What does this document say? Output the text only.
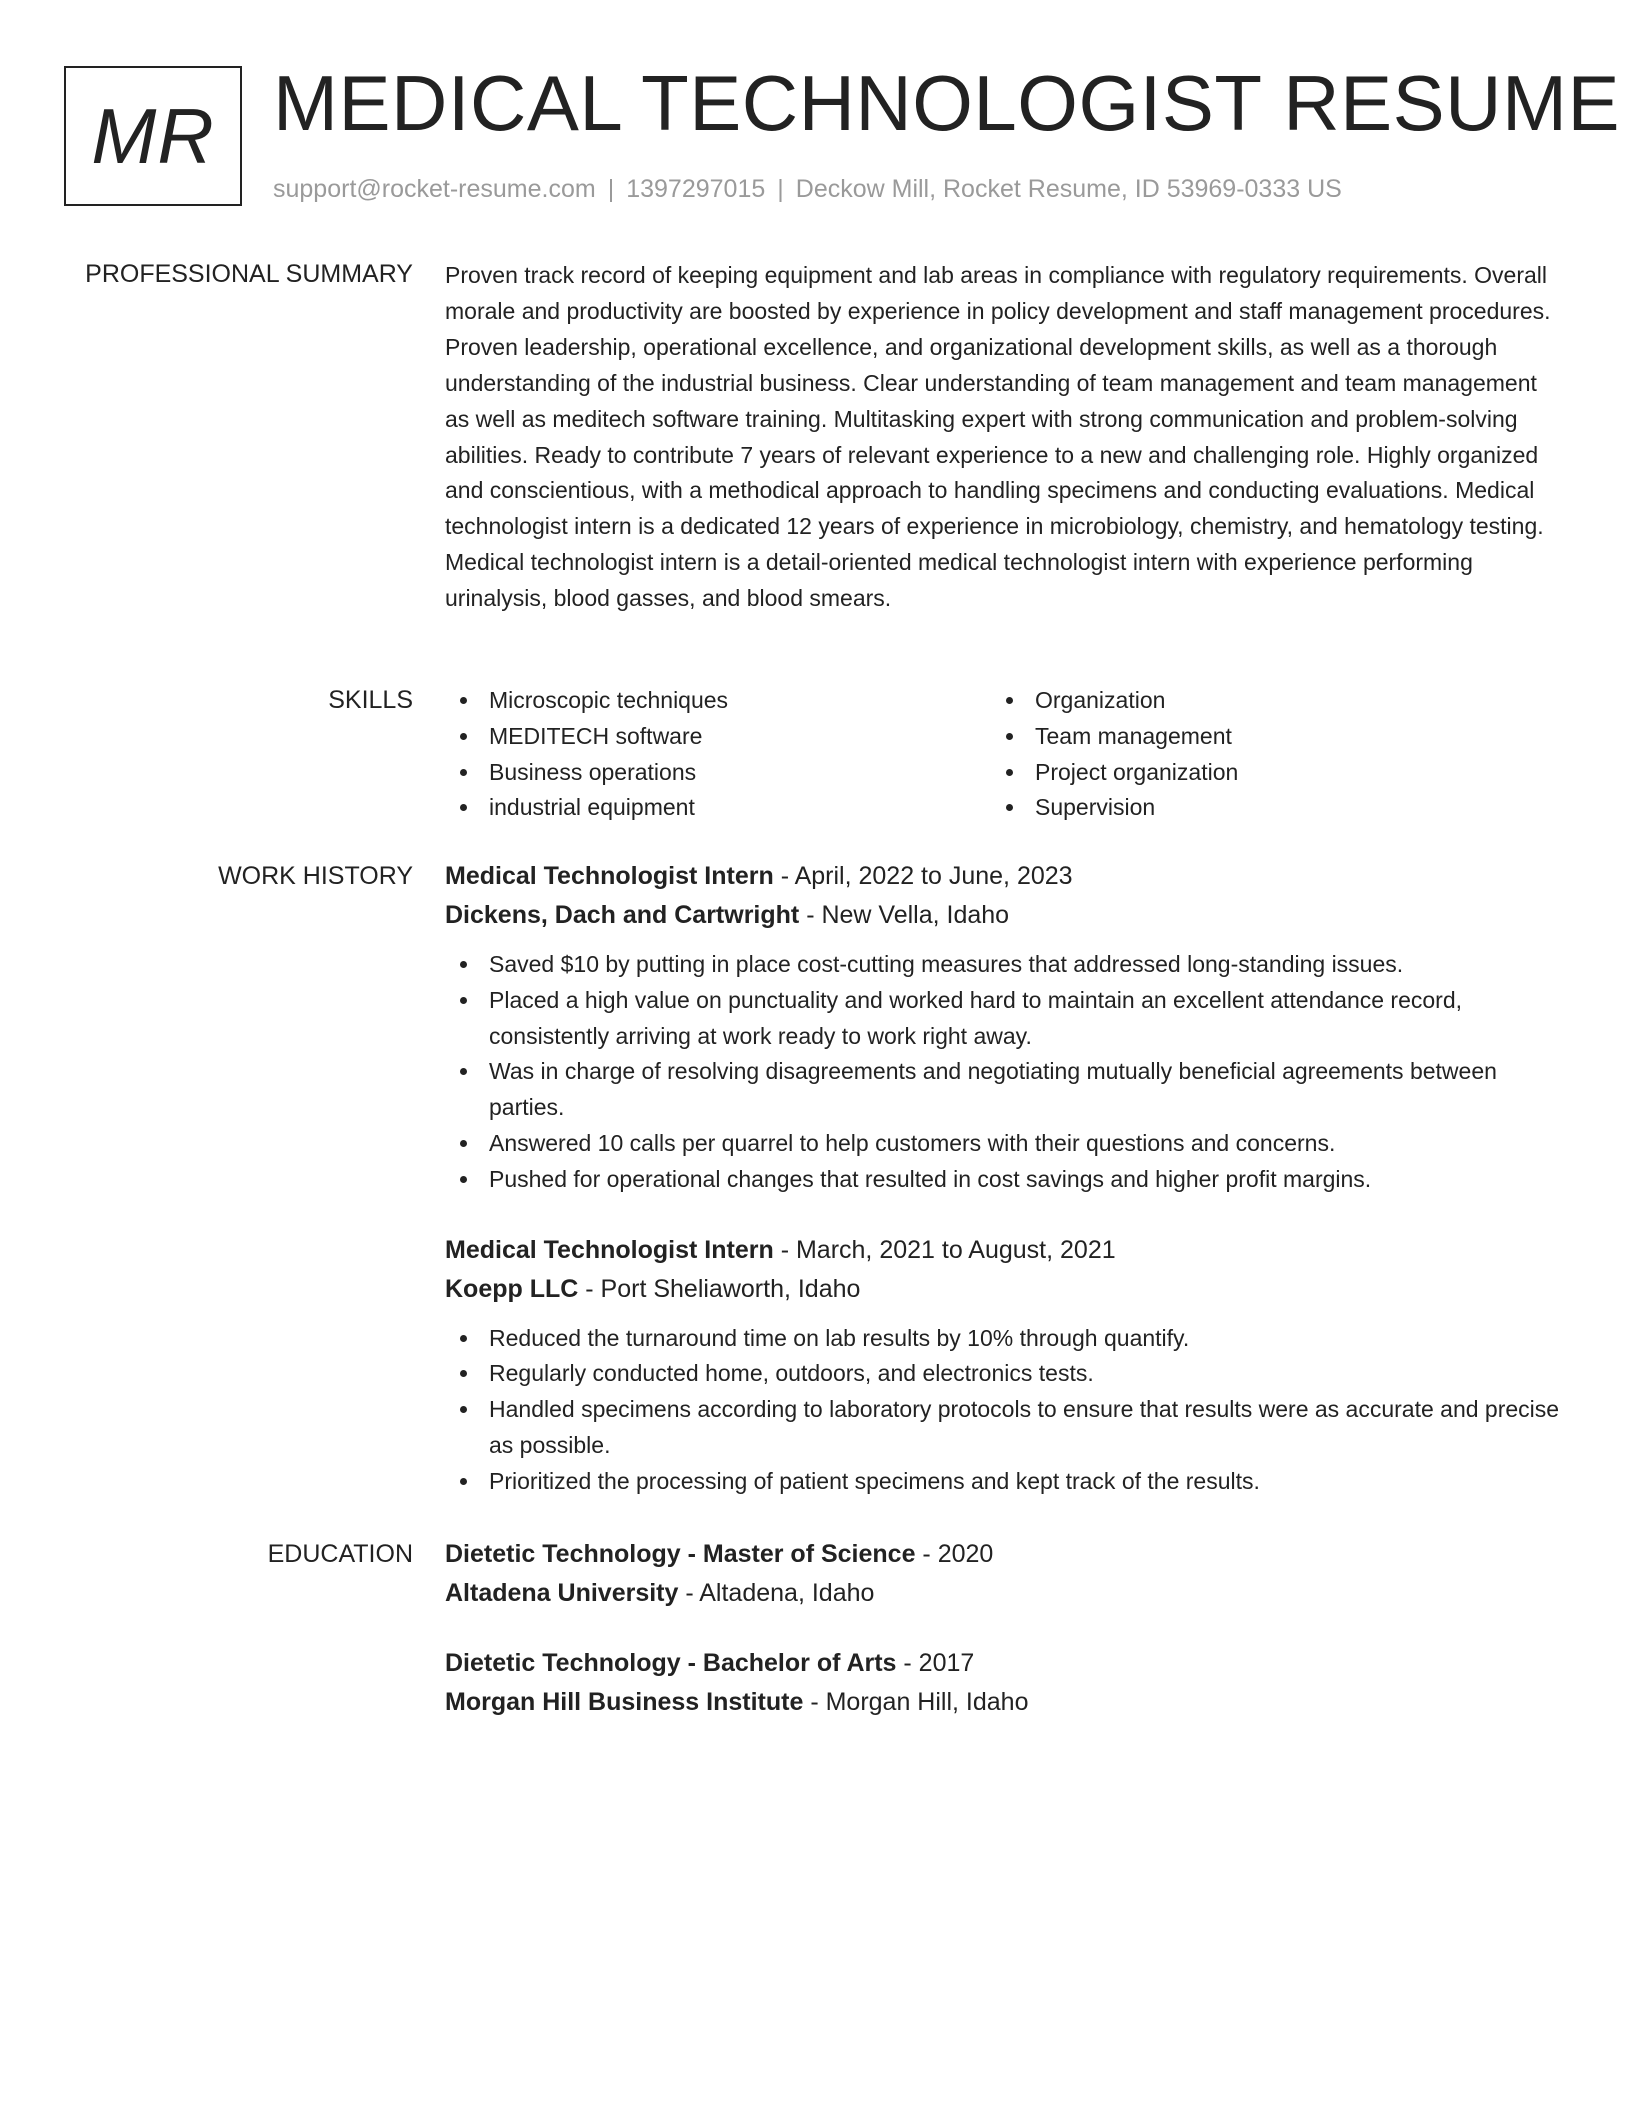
MR MEDICAL TECHNOLOGIST RESUME
support@rocket-resume.com | 1397297015 | Deckow Mill, Rocket Resume, ID 53969-0333 US
PROFESSIONAL SUMMARY Proven track record of keeping equipment and lab areas in compliance with regulatory requirements. Overall morale and productivity are boosted by experience in policy development and staff management procedures. Proven leadership, operational excellence, and organizational development skills, as well as a thorough understanding of the industrial business. Clear understanding of team management and team management as well as meditech software training. Multitasking expert with strong communication and problem-solving abilities. Ready to contribute 7 years of relevant experience to a new and challenging role. Highly organized and conscientious, with a methodical approach to handling specimens and conducting evaluations. Medical technologist intern is a dedicated 12 years of experience in microbiology, chemistry, and hematology testing. Medical technologist intern is a detail-oriented medical technologist intern with experience performing urinalysis, blood gasses, and blood smears.

SKILLS	Microscopic techniques
MEDITECH software
Business operations
industrial equipment
Organization
Team management
Project organization
Supervision
WORK HISTORY Medical Technologist Intern - April, 2022 to June, 2023
Dickens, Dach and Cartwright - New Vella, Idaho
Saved $10 by putting in place cost-cutting measures that addressed long-standing issues.
Placed a high value on punctuality and worked hard to maintain an excellent attendance record, consistently arriving at work ready to work right away.
Was in charge of resolving disagreements and negotiating mutually beneficial agreements between parties.
Answered 10 calls per quarrel to help customers with their questions and concerns.
Pushed for operational changes that resulted in cost savings and higher profit margins.
Medical Technologist Intern - March, 2021 to August, 2021
Koepp LLC - Port Sheliaworth, Idaho
Reduced the turnaround time on lab results by 10% through quantify.
Regularly conducted home, outdoors, and electronics tests.
Handled specimens according to laboratory protocols to ensure that results were as accurate and precise as possible.
Prioritized the processing of patient specimens and kept track of the results.
EDUCATION Dietetic Technology - Master of Science - 2020
Altadena University - Altadena, Idaho
Dietetic Technology - Bachelor of Arts - 2017
Morgan Hill Business Institute - Morgan Hill, Idaho
